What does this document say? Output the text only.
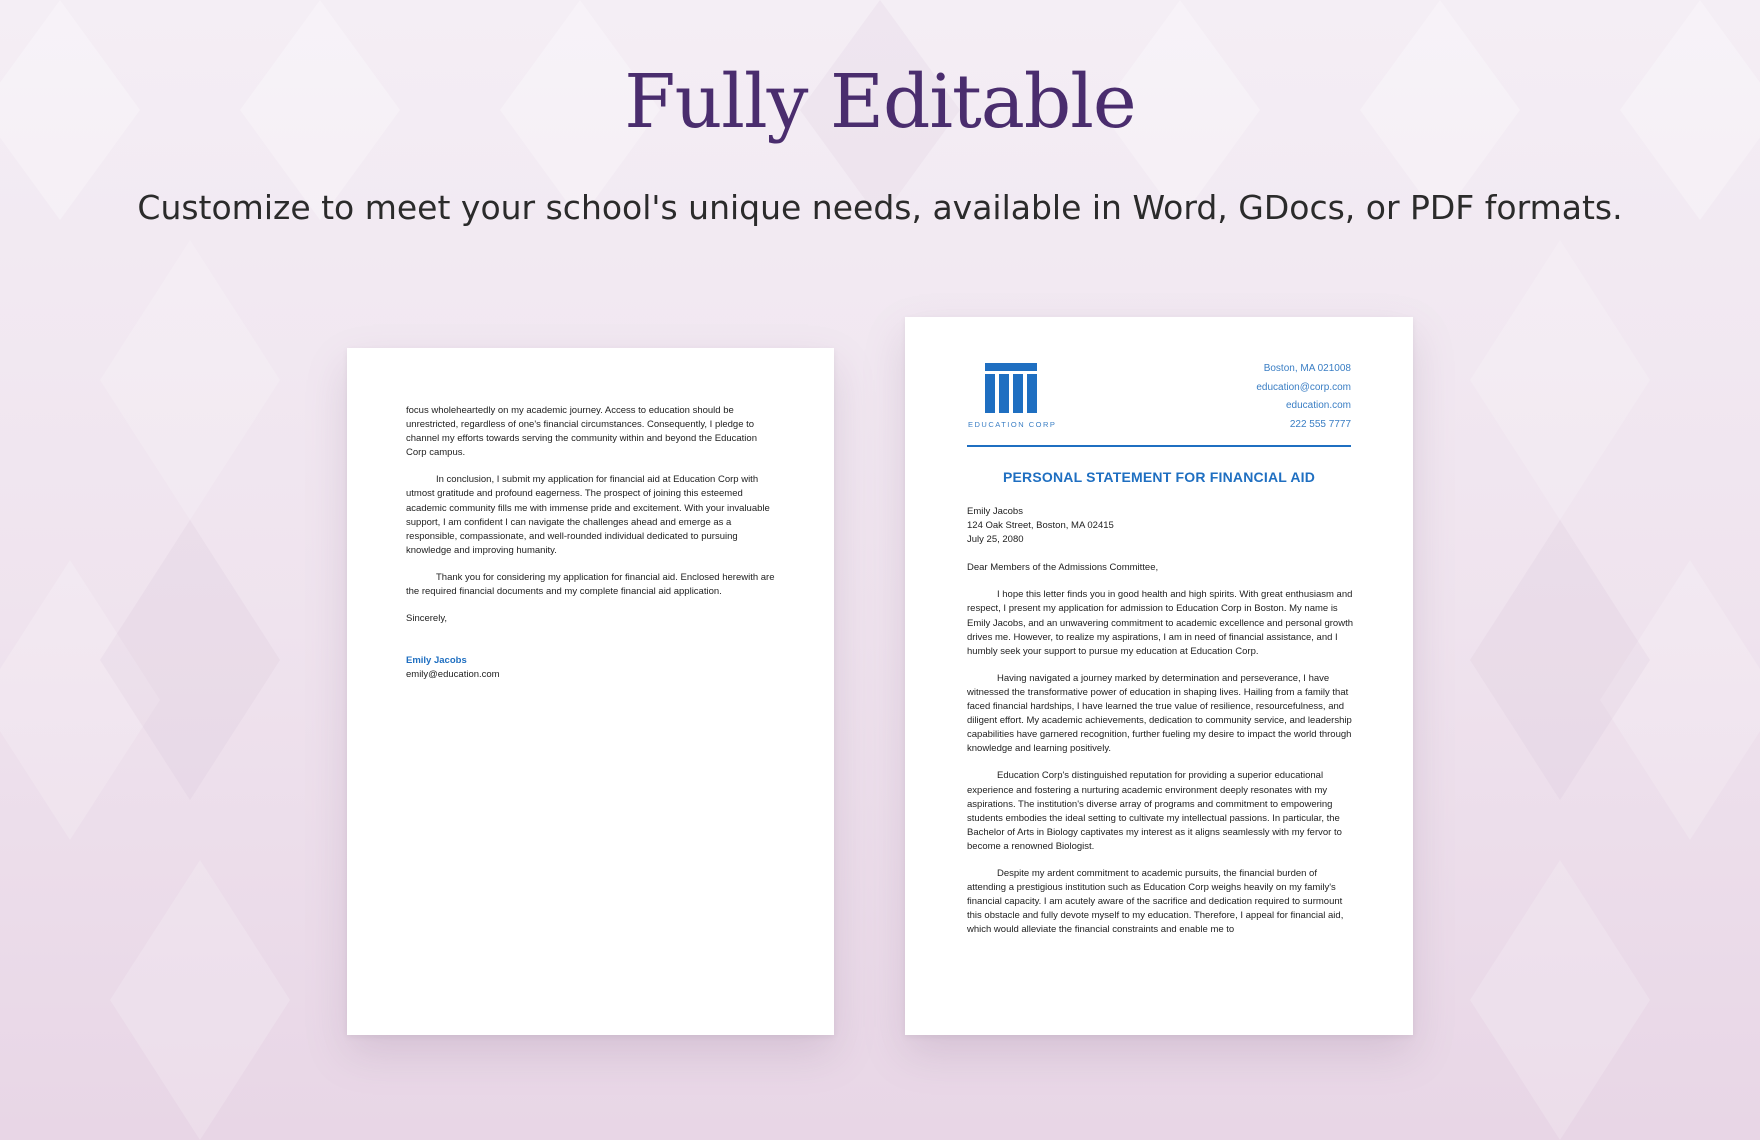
Fully Editable
Customize to meet your school's unique needs, available in Word, GDocs, or PDF formats.

focus wholeheartedly on my academic journey. Access to education should be unrestricted, regardless of one's financial circumstances. Consequently, I pledge to channel my efforts towards serving the community within and beyond the Education Corp campus.

In conclusion, I submit my application for financial aid at Education Corp with utmost gratitude and profound eagerness. The prospect of joining this esteemed academic community fills me with immense pride and excitement. With your invaluable support, I am confident I can navigate the challenges ahead and emerge as a responsible, compassionate, and well-rounded individual dedicated to pursuing knowledge and improving humanity.

Thank you for considering my application for financial aid. Enclosed herewith are the required financial documents and my complete financial aid application.

Sincerely,

Emily Jacobs

emily@education.com

EDUCATION CORP
Boston, MA 021008
education@corp.com
education.com
222 555 7777
PERSONAL STATEMENT FOR FINANCIAL AID

Emily Jacobs

124 Oak Street, Boston, MA 02415

July 25, 2080

Dear Members of the Admissions Committee,

I hope this letter finds you in good health and high spirits. With great enthusiasm and respect, I present my application for admission to Education Corp in Boston. My name is Emily Jacobs, and an unwavering commitment to academic excellence and personal growth drives me. However, to realize my aspirations, I am in need of financial assistance, and I humbly seek your support to pursue my education at Education Corp.

Having navigated a journey marked by determination and perseverance, I have witnessed the transformative power of education in shaping lives. Hailing from a family that faced financial hardships, I have learned the true value of resilience, resourcefulness, and diligent effort. My academic achievements, dedication to community service, and leadership capabilities have garnered recognition, further fueling my desire to impact the world through knowledge and learning positively.

Education Corp's distinguished reputation for providing a superior educational experience and fostering a nurturing academic environment deeply resonates with my aspirations. The institution's diverse array of programs and commitment to empowering students embodies the ideal setting to cultivate my intellectual passions. In particular, the Bachelor of Arts in Biology captivates my interest as it aligns seamlessly with my fervor to become a renowned Biologist.

Despite my ardent commitment to academic pursuits, the financial burden of attending a prestigious institution such as Education Corp weighs heavily on my family's financial capacity. I am acutely aware of the sacrifice and dedication required to surmount this obstacle and fully devote myself to my education. Therefore, I appeal for financial aid, which would alleviate the financial constraints and enable me to
